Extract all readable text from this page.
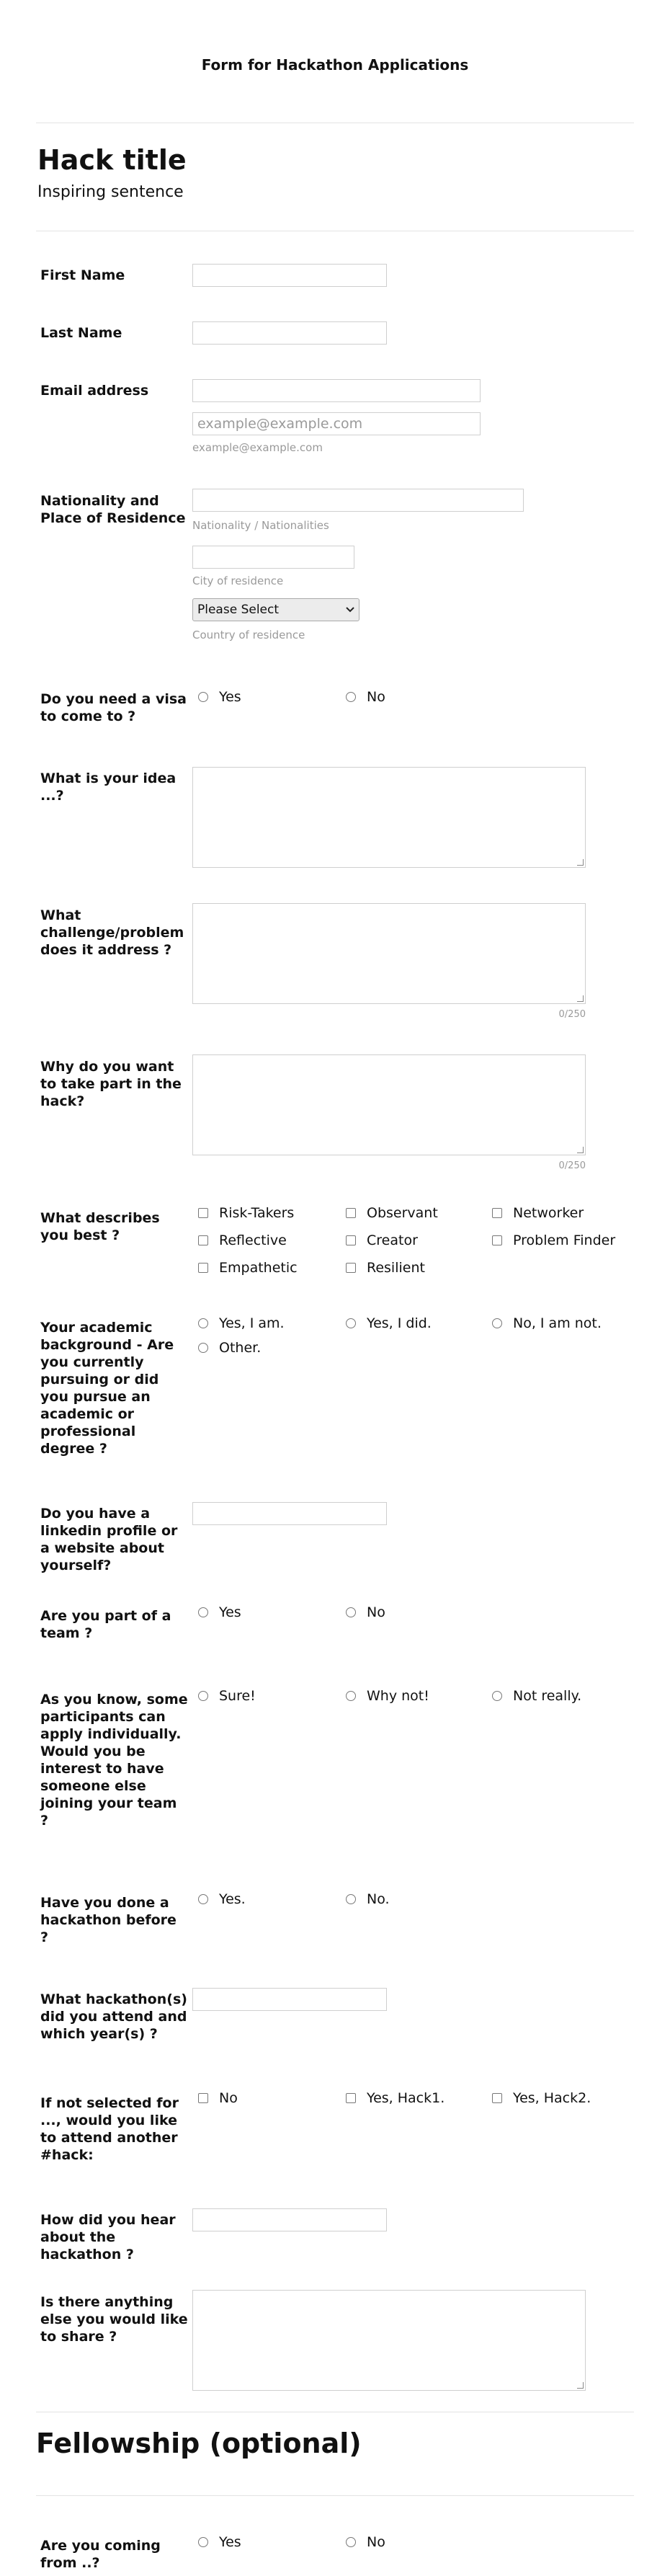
Form for Hackathon Applications
Hack title
Inspiring sentence
First Name
Last Name
Email address
example@example.com
example@example.com
Nationality and Place of Residence Nationality / Nationalities
City of residence
Please Select
Country of residence
Do you need a visa to come to ?
Yes	No
What is your idea ...?
What challenge/problem does it address ?
0/250
Why do you want to take part in the hack?
0/250
What describes you best ?
Risk-Takers	Observant	Networker
Reflective	Creator	Problem Finder
Empathetic	Resilient
Your academic background - Are you currently pursuing or did you pursue an academic or professional degree ?
Yes, I am.	Yes, I did.	No, I am not.
Other.
Do you have a linkedin profile or a website about yourself?
Are you part of a team ?
Yes	No
As you know, some participants can apply individually. Would you be interest to have someone else joining your team ?
Sure!	Why not!	Not really.
Have you done a hackathon before ?
Yes.	No.
What hackathon(s) did you attend and which year(s) ?
If not selected for ..., would you like to attend another #hack:
No	Yes, Hack1.	Yes, Hack2.
How did you hear about the hackathon ?
Is there anything else you would like to share ?
Fellowship (optional)
Are you coming from ..?
Yes	No
